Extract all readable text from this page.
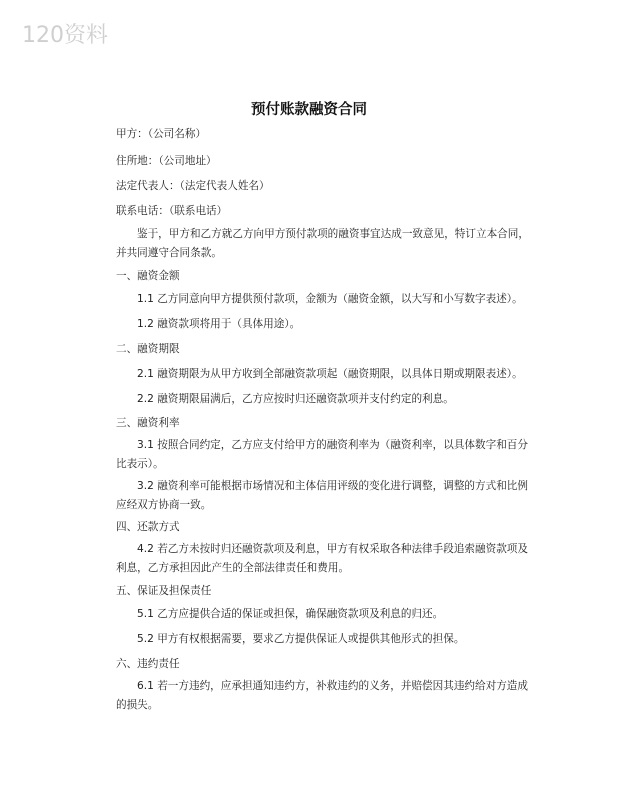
120资料
预付账款融资合同

甲方：（公司名称）

住所地：（公司地址）

法定代表人：（法定代表人姓名）

联系电话：（联系电话）

鉴于，甲方和乙方就乙方向甲方预付款项的融资事宜达成一致意见，特订立本合同，并共同遵守合同条款。

一、融资金额

1.1 乙方同意向甲方提供预付款项，金额为（融资金额，以大写和小写数字表述）。

1.2 融资款项将用于（具体用途）。

二、融资期限

2.1 融资期限为从甲方收到全部融资款项起（融资期限，以具体日期或期限表述）。

2.2 融资期限届满后，乙方应按时归还融资款项并支付约定的利息。

三、融资利率

3.1 按照合同约定，乙方应支付给甲方的融资利率为（融资利率，以具体数字和百分比表示）。

3.2 融资利率可能根据市场情况和主体信用评级的变化进行调整，调整的方式和比例应经双方协商一致。

四、还款方式

4.2 若乙方未按时归还融资款项及利息，甲方有权采取各种法律手段追索融资款项及利息，乙方承担因此产生的全部法律责任和费用。

五、保证及担保责任

5.1 乙方应提供合适的保证或担保，确保融资款项及利息的归还。

5.2 甲方有权根据需要，要求乙方提供保证人或提供其他形式的担保。

六、违约责任

6.1 若一方违约，应承担通知违约方，补救违约的义务，并赔偿因其违约给对方造成的损失。
